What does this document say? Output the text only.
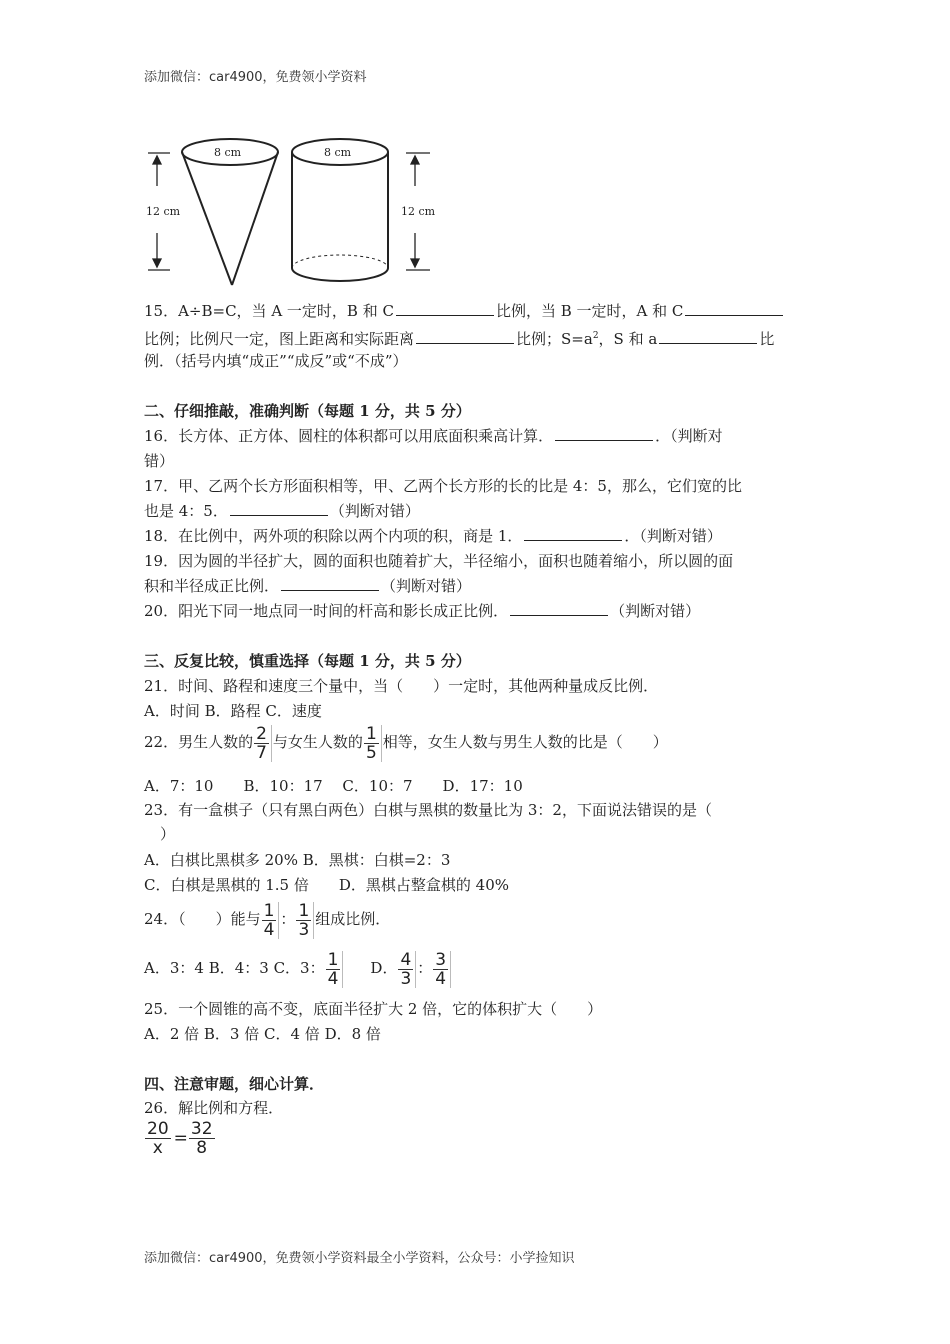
添加微信：car4900，免费领小学资料
8 cm	8 cm
12 cm	12 cm
15．A÷B=C，当 A 一定时，B 和 C	比例，当 B 一定时，A 和 C
比例；比例尺一定，图上距离和实际距离	比例；$S=a^2$，S 和 a	比
例．（括号内填“成正”“成反”或“不成”）
二、仔细推敲，准确判断（每题 1 分，共 5 分）
16．长方体、正方体、圆柱的体积都可以用底面积乘高计算．	．（判断对
错）
17．甲、乙两个长方形面积相等，甲、乙两个长方形的长的比是 4：5，那么，它们宽的比
也是 4：5．	（判断对错）
18．在比例中，两外项的积除以两个内项的积，商是 1．	．（判断对错）
19．因为圆的半径扩大，圆的面积也随着扩大，半径缩小，面积也随着缩小，所以圆的面
积和半径成正比例．	（判断对错）
20．阳光下同一地点同一时间的杆高和影长成正比例．	（判断对错）
三、反复比较，慎重选择（每题 1 分，共 5 分）
21．时间、路程和速度三个量中，当（　　）一定时，其他两种量成反比例．
A．时间 B．路程 C．速度
22．男生人数的 $\frac{2}{7}$ 与女生人数的 $\frac{1}{5}$ 相等，女生人数与男生人数的比是（　　）
A．7：10　　B．10：17　 C．10：7　　D．17：10
23．有一盒棋子（只有黑白两色）白棋与黑棋的数量比为 3：2，下面说法错误的是（
）
A．白棋比黑棋多 20% B．黑棋：白棋=2：3
C．白棋是黑棋的 1.5 倍　　D．黑棋占整盒棋的 40%
24．（　　）能与 $\frac{1}{4}$ ： $\frac{1}{3}$ 组成比例．
A．3：4 B．4：3 C．3： $\frac{1}{4}$ D． $\frac{4}{3}$ ： $\frac{3}{4}$
25．一个圆锥的高不变，底面半径扩大 2 倍，它的体积扩大（　　）
A．2 倍 B．3 倍 C．4 倍 D．8 倍
四、注意审题，细心计算．
26．解比例和方程．
$\frac{20}{x} = \frac{32}{8}$
添加微信：car4900，免费领小学资料最全小学资料，公众号：小学捡知识
